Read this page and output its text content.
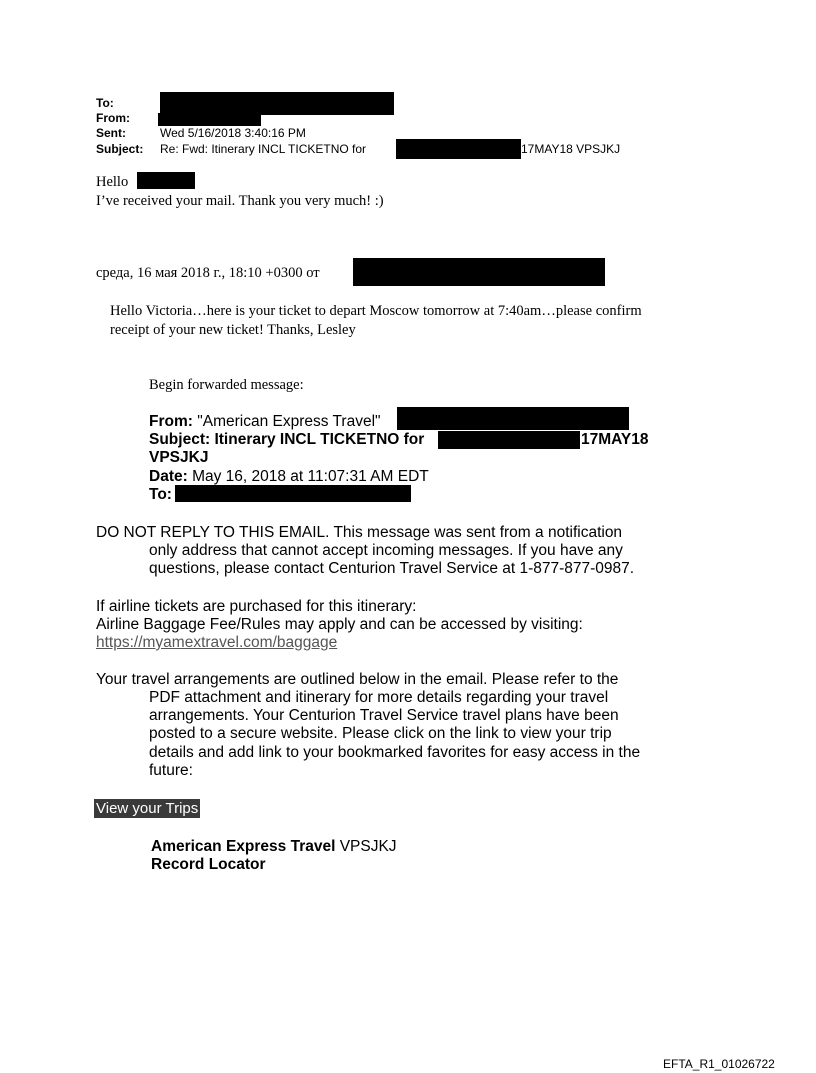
To:
From:
Sent:	Wed 5/16/2018 3:40:16 PM
Subject: Re: Fwd: Itinerary INCL TICKETNO for	17MAY18 VPSJKJ
Hello
I’ve received your mail. Thank you very much! :)
среда, 16 мая 2018 г., 18:10 +0300 от
Hello Victoria…here is your ticket to depart Moscow tomorrow at 7:40am…please confirm
receipt of your new ticket! Thanks, Lesley
Begin forwarded message:
From: "American Express Travel"
Subject: Itinerary INCL TICKETNO for	17MAY18
VPSJKJ
Date: May 16, 2018 at 11:07:31 AM EDT
To:
DO NOT REPLY TO THIS EMAIL. This message was sent from a notification
only address that cannot accept incoming messages. If you have any
questions, please contact Centurion Travel Service at 1-877-877-0987.
If airline tickets are purchased for this itinerary:
Airline Baggage Fee/Rules may apply and can be accessed by visiting:
https://myamextravel.com/baggage
Your travel arrangements are outlined below in the email. Please refer to the
PDF attachment and itinerary for more details regarding your travel
arrangements. Your Centurion Travel Service travel plans have been
posted to a secure website. Please click on the link to view your trip
details and add link to your bookmarked favorites for easy access in the
future:
View your Trips
American Express Travel VPSJKJ
Record Locator
EFTA_R1_01026722
